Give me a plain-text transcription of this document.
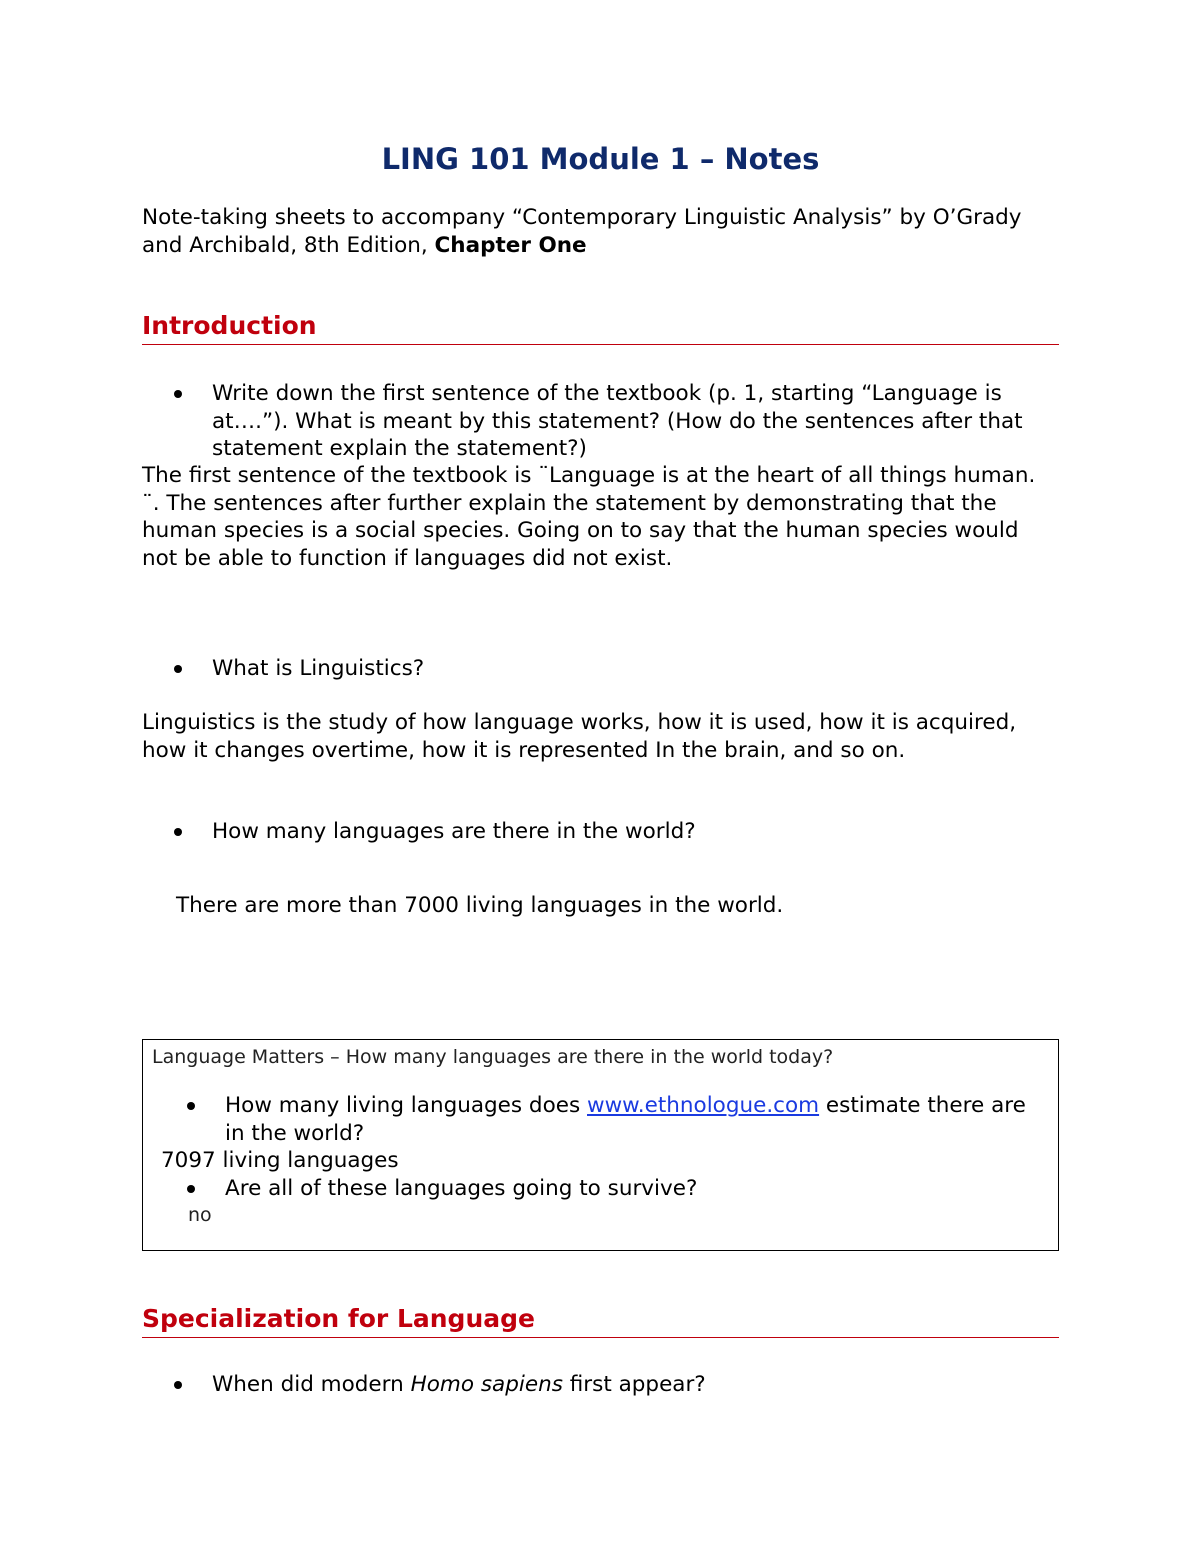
LING 101 Module 1 – Notes

Note-taking sheets to accompany “Contemporary Linguistic Analysis” by O’Grady and Archibald, 8th Edition, Chapter One

Introduction
Write down the first sentence of the textbook (p. 1, starting “Language is at….”). What is meant by this statement? (How do the sentences after that statement explain the statement?)

The first sentence of the textbook is ¨Language is at the heart of all things human. ¨. The sentences after further explain the statement by demonstrating that the human species is a social species. Going on to say that the human species would not be able to function if languages did not exist.

What is Linguistics?

Linguistics is the study of how language works, how it is used, how it is acquired, how it changes overtime, how it is represented In the brain, and so on.

How many languages are there in the world?

There are more than 7000 living languages in the world.

Language Matters – How many languages are there in the world today?
How many living languages does www.ethnologue.com estimate there are in the world?
7097 living languages
Are all of these languages going to survive?
no
Specialization for Language
When did modern Homo sapiens first appear?
